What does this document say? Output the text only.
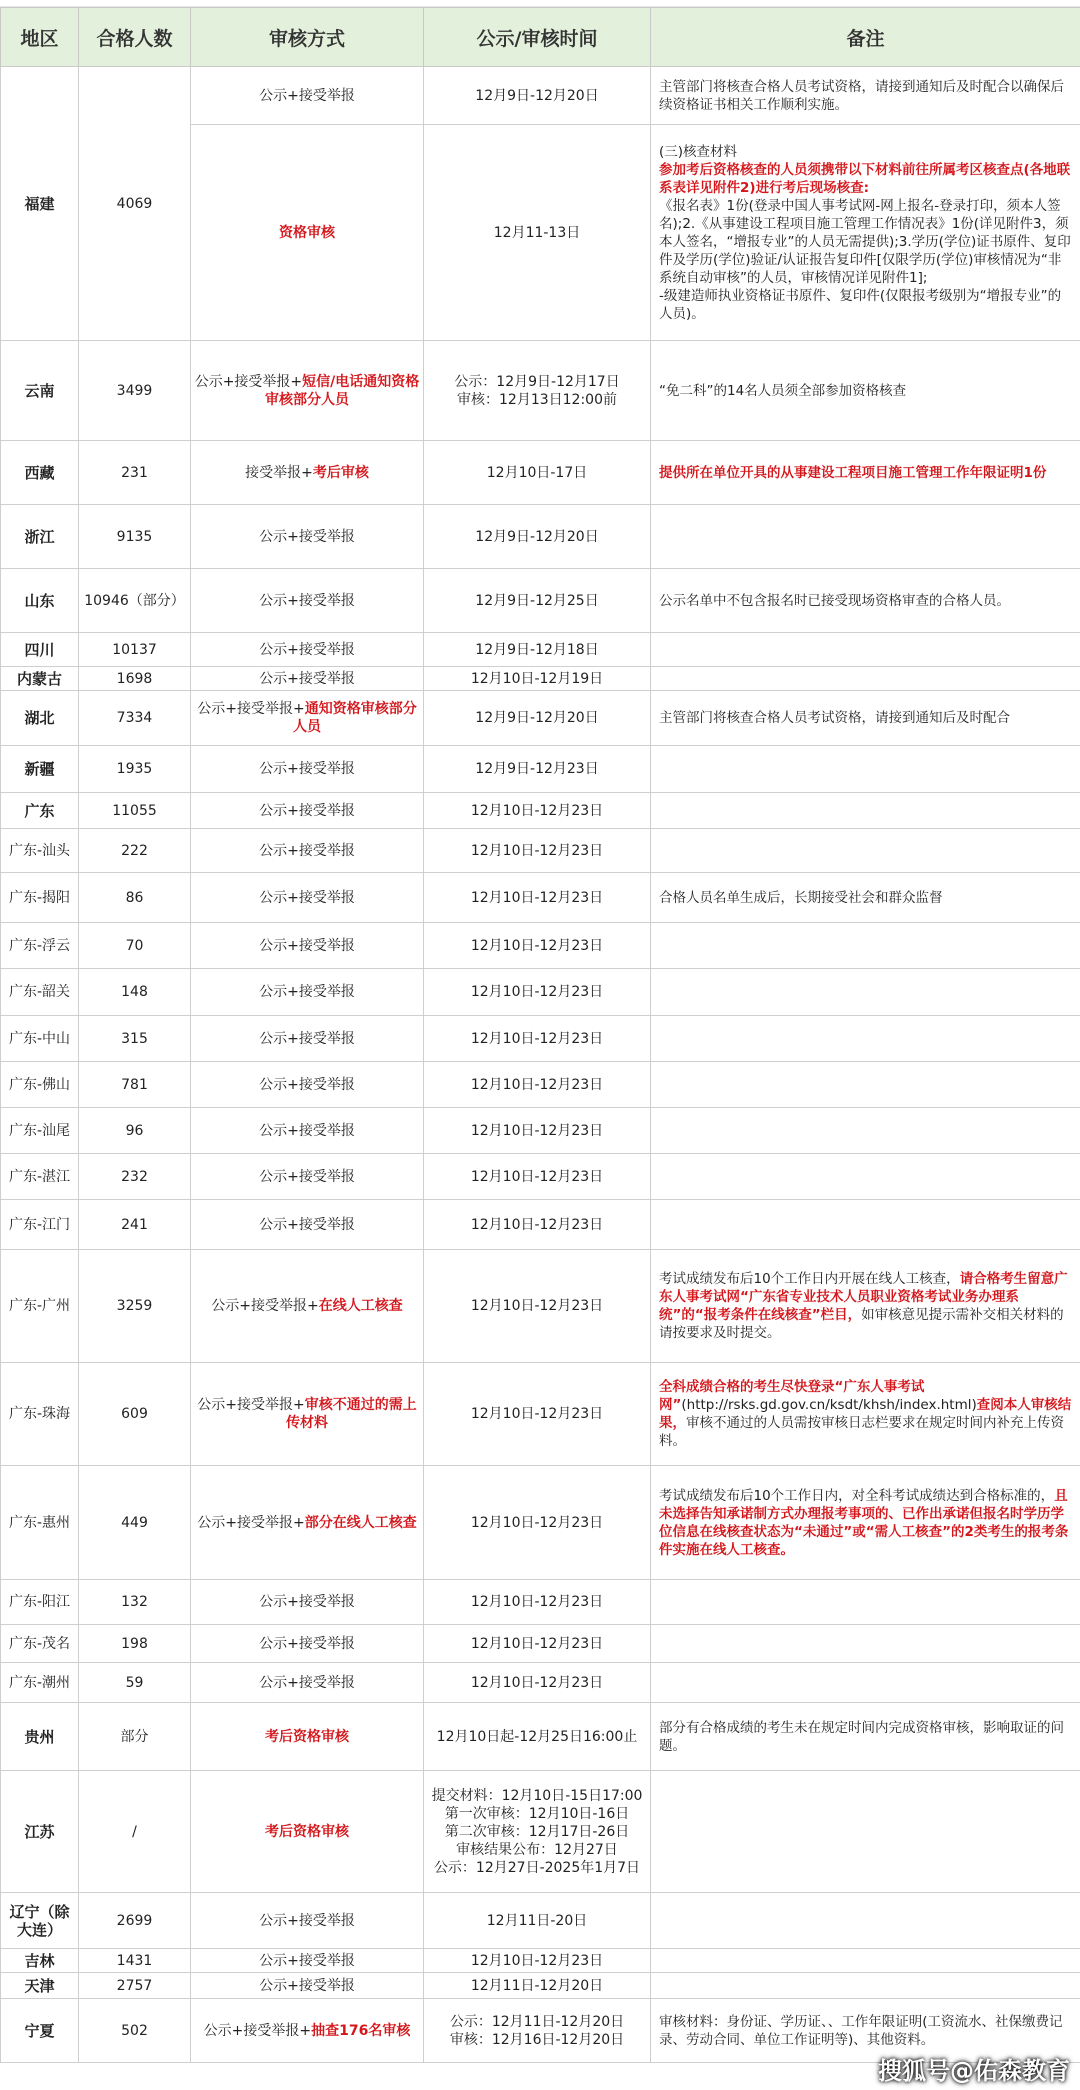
地区	合格人数	审核方式	公示/审核时间	备注
福建	4069	公示+接受举报	12月9日-12月20日	主管部门将核查合格人员考试资格，请接到通知后及时配合以确保后续资格证书相关工作顺利实施。
		资格审核	12月11-13日	(三)核查材料
参加考后资格核查的人员须携带以下材料前往所属考区核查点(各地联系表详见附件2)进行考后现场核查:
《报名表》1份(登录中国人事考试网-网上报名-登录打印，须本人签名);2.《从事建设工程项目施工管理工作情况表》1份(详见附件3，须本人签名，“增报专业”的人员无需提供);3.学历(学位)证书原件、复印件及学历(学位)验证/认证报告复印件[仅限学历(学位)审核情况为“非系统自动审核”的人员，审核情况详见附件1];
-级建造师执业资格证书原件、复印件(仅限报考级别为“增报专业”的人员)。
云南	3499	公示+接受举报+短信/电话通知资格审核部分人员	公示：12月9日-12月17日
审核：12月13日12:00前	“免二科”的14名人员须全部参加资格核查
西藏	231	接受举报+考后审核	12月10日-17日	提供所在单位开具的从事建设工程项目施工管理工作年限证明1份
浙江	9135	公示+接受举报	12月9日-12月20日	
山东	10946（部分）	公示+接受举报	12月9日-12月25日	公示名单中不包含报名时已接受现场资格审查的合格人员。
四川	10137	公示+接受举报	12月9日-12月18日	
内蒙古	1698	公示+接受举报	12月10日-12月19日	
湖北	7334	公示+接受举报+通知资格审核部分人员	12月9日-12月20日	主管部门将核查合格人员考试资格，请接到通知后及时配合
新疆	1935	公示+接受举报	12月9日-12月23日	
广东	11055	公示+接受举报	12月10日-12月23日	
广东-汕头	222	公示+接受举报	12月10日-12月23日	
广东-揭阳	86	公示+接受举报	12月10日-12月23日	合格人员名单生成后，长期接受社会和群众监督
广东-浮云	70	公示+接受举报	12月10日-12月23日	
广东-韶关	148	公示+接受举报	12月10日-12月23日	
广东-中山	315	公示+接受举报	12月10日-12月23日	
广东-佛山	781	公示+接受举报	12月10日-12月23日	
广东-汕尾	96	公示+接受举报	12月10日-12月23日	
广东-湛江	232	公示+接受举报	12月10日-12月23日	
广东-江门	241	公示+接受举报	12月10日-12月23日	
广东-广州	3259	公示+接受举报+在线人工核查	12月10日-12月23日	考试成绩发布后10个工作日内开展在线人工核查，请合格考生留意广东人事考试网“广东省专业技术人员职业资格考试业务办理系统”的“报考条件在线核查”栏目，如审核意见提示需补交相关材料的请按要求及时提交。
广东-珠海	609	公示+接受举报+审核不通过的需上传材料	12月10日-12月23日	全科成绩合格的考生尽快登录“广东人事考试网”(http://rsks.gd.gov.cn/ksdt/khsh/index.html)查阅本人审核结果，审核不通过的人员需按审核日志栏要求在规定时间内补充上传资料。
广东-惠州	449	公示+接受举报+部分在线人工核查	12月10日-12月23日	考试成绩发布后10个工作日内，对全科考试成绩达到合格标准的，且未选择告知承诺制方式办理报考事项的、已作出承诺但报名时学历学位信息在线核查状态为“未通过”或“需人工核查”的2类考生的报考条件实施在线人工核查。
广东-阳江	132	公示+接受举报	12月10日-12月23日	
广东-茂名	198	公示+接受举报	12月10日-12月23日	
广东-潮州	59	公示+接受举报	12月10日-12月23日	
贵州	部分	考后资格审核	12月10日起-12月25日16:00止	部分有合格成绩的考生未在规定时间内完成资格审核，影响取证的问题。
江苏	/	考后资格审核	提交材料：12月10日-15日17:00
第一次审核：12月10日-16日
第二次审核：12月17日-26日
审核结果公布：12月27日
公示：12月27日-2025年1月7日	

辽宁（除大连）	2699	公示+接受举报	12月11日-20日	
吉林	1431	公示+接受举报	12月10日-12月23日	
天津	2757	公示+接受举报	12月11日-12月20日	
宁夏	502	公示+接受举报+抽查176名审核	公示：12月11日-12月20日
审核：12月16日-12月20日	审核材料：身份证、学历证、、工作年限证明(工资流水、社保缴费记录、劳动合同、单位工作证明等)、其他资料。
搜狐号@佑森教育
